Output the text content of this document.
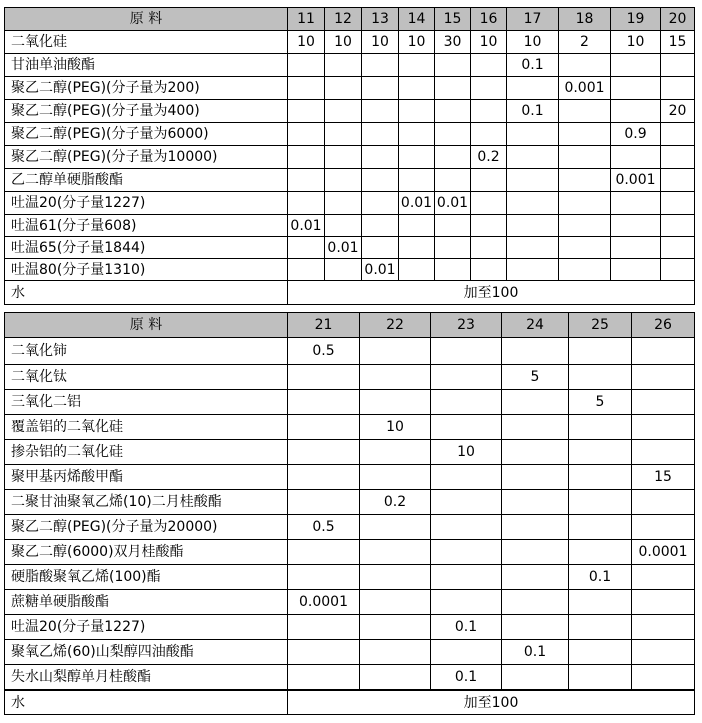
原 料	11	12	13	14	15	16	17	18	19	20
二氧化硅	10	10	10	10	30	10	10	2	10	15
甘油单油酸酯							0.1			
聚乙二醇(PEG)(分子量为200)								0.001		
聚乙二醇(PEG)(分子量为400)							0.1			20
聚乙二醇(PEG)(分子量为6000)									0.9	
聚乙二醇(PEG)(分子量为10000)						0.2				
乙二醇单硬脂酸酯									0.001	
吐温20(分子量1227)				0.01	0.01					
吐温61(分子量608)	0.01									
吐温65(分子量1844)		0.01								
吐温80(分子量1310)			0.01							
水	加至100									
原 料	21	22	23	24	25	26
二氧化铈	0.5					
二氧化钛				5		
三氧化二铝					5	
覆盖铝的二氧化硅		10				
掺杂铝的二氧化硅			10			
聚甲基丙烯酸甲酯						15
二聚甘油聚氧乙烯(10)二月桂酸酯		0.2				
聚乙二醇(PEG)(分子量为20000)	0.5					
聚乙二醇(6000)双月桂酸酯						0.0001
硬脂酸聚氧乙烯(100)酯					0.1	
蔗糖单硬脂酸酯	0.0001					
吐温20(分子量1227)			0.1			
聚氧乙烯(60)山梨醇四油酸酯				0.1		
失水山梨醇单月桂酸酯			0.1			
水	加至100
